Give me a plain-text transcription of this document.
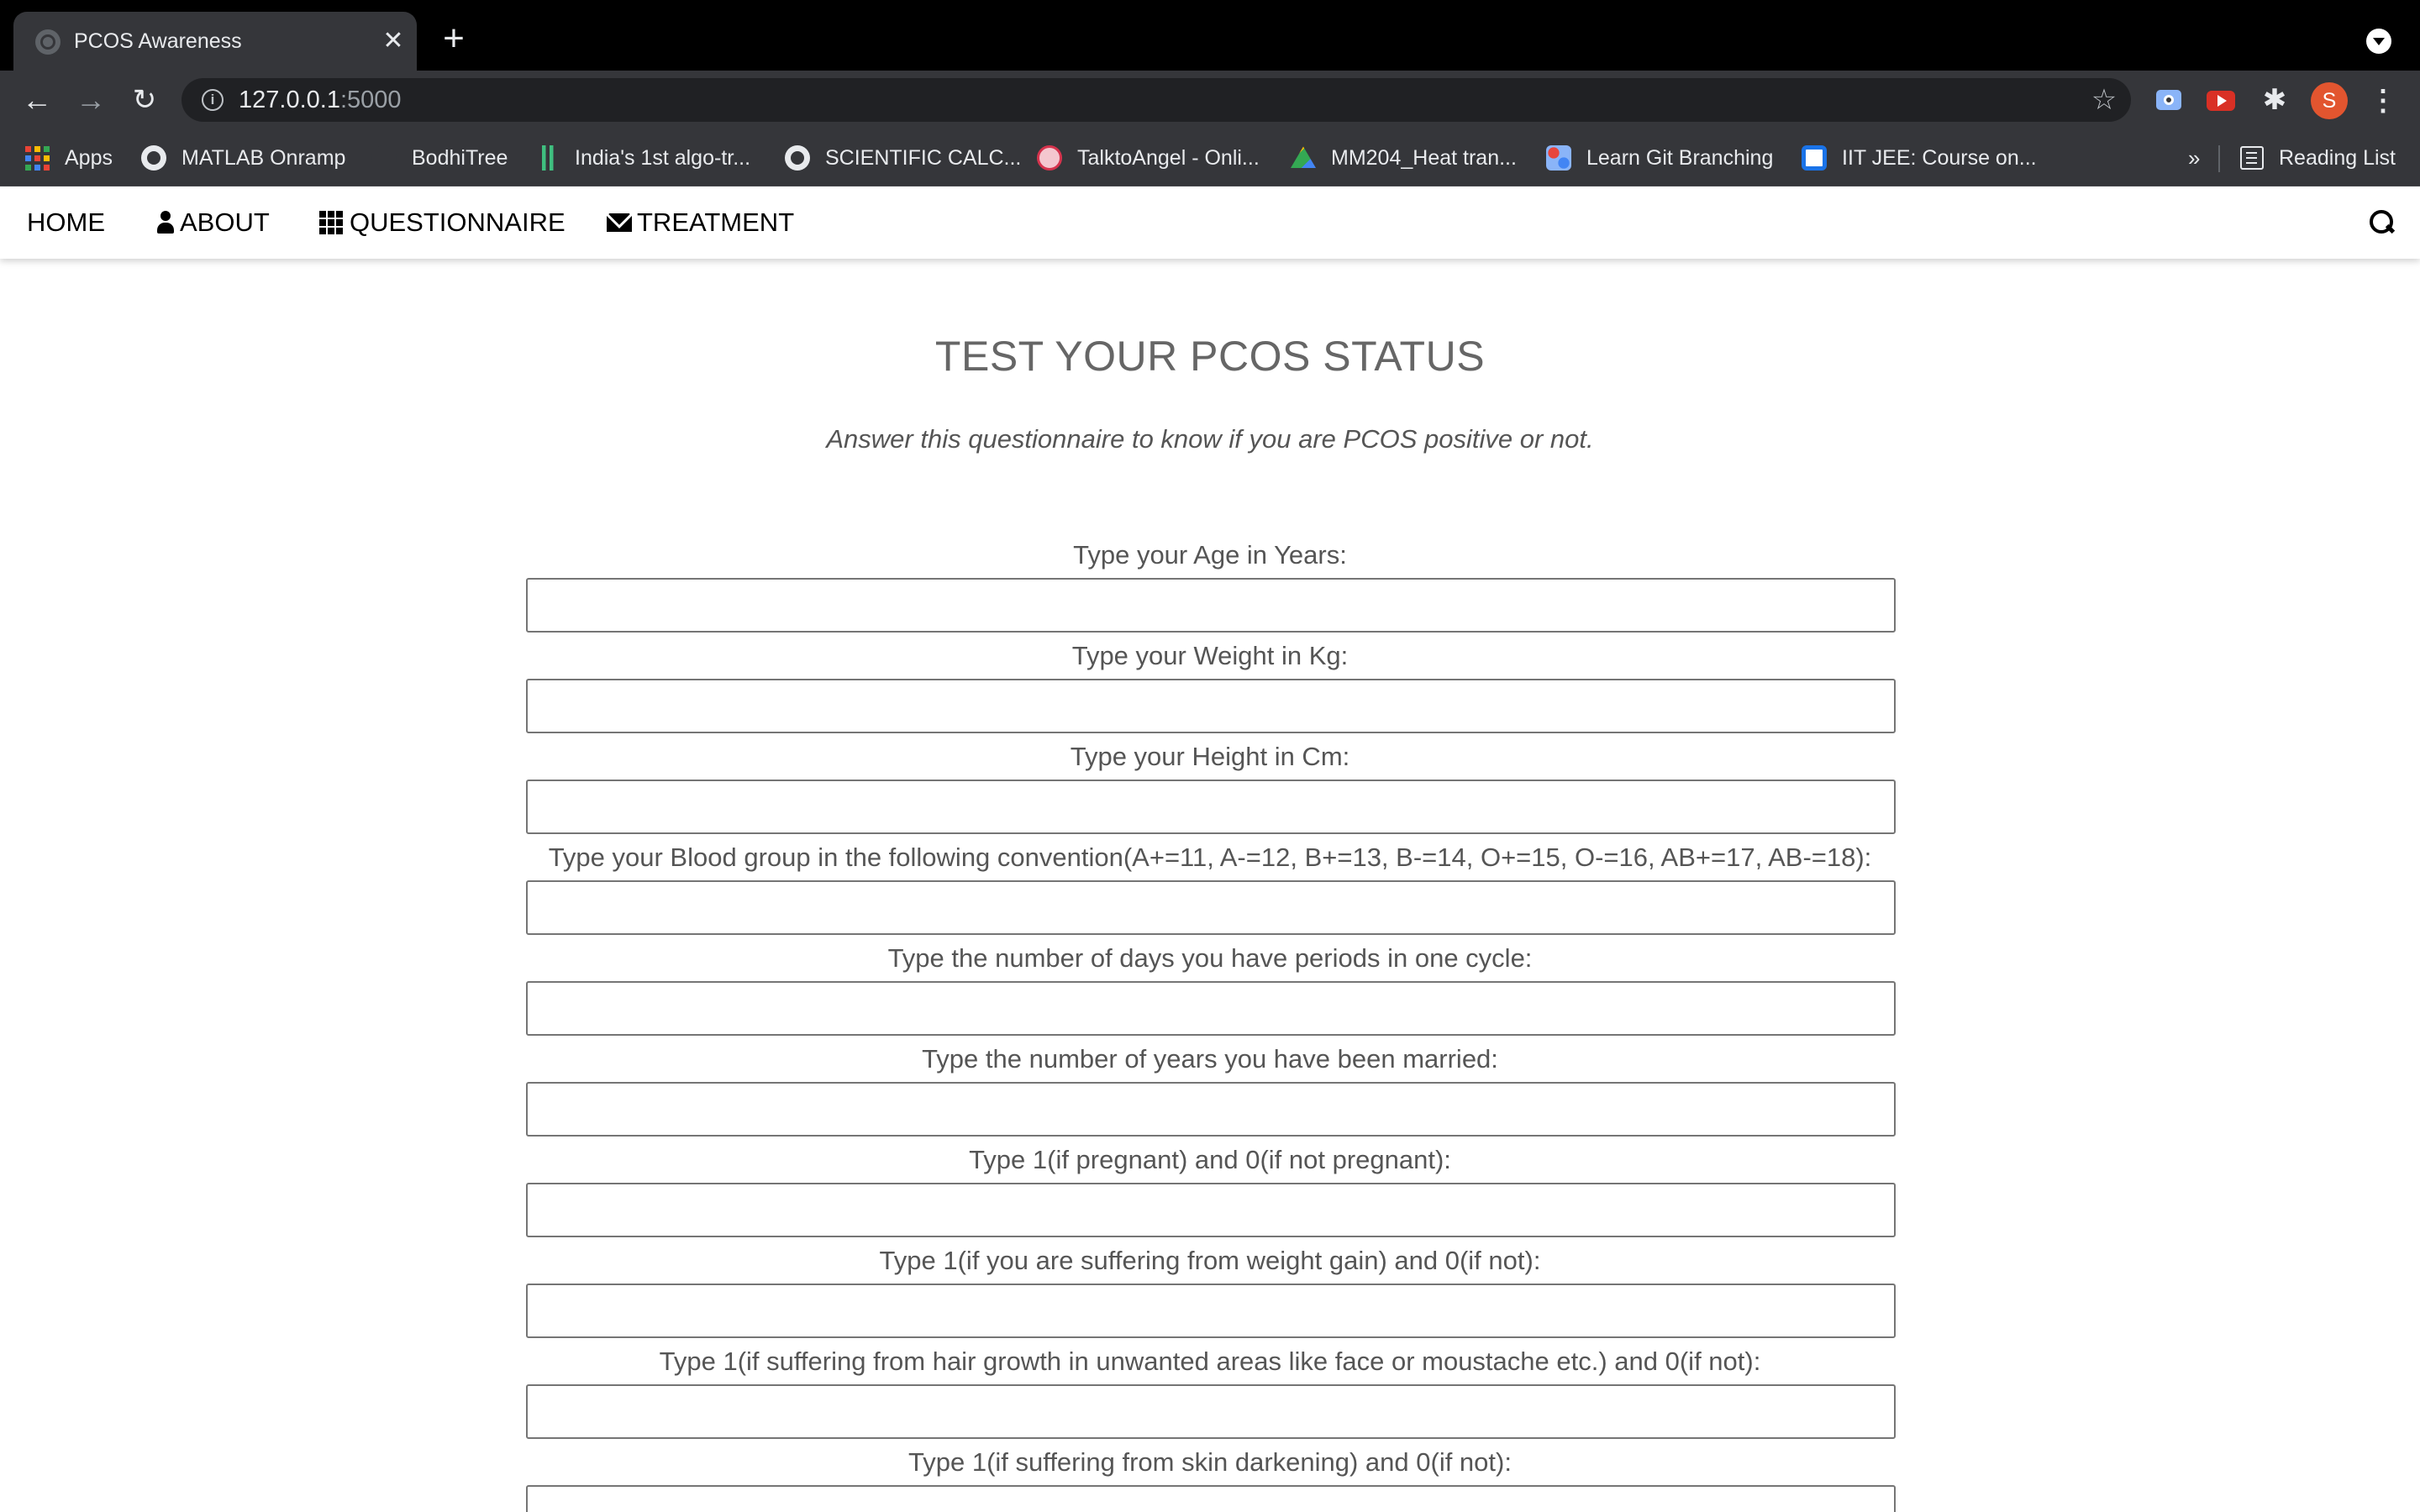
PCOS Awareness	✕ +
← → ↻	i 127.0.0.1:5000	☆	✱	S	⋮
Apps	MATLAB Onramp	BodhiTree	India's 1st algo-tr...	SCIENTIFIC CALC...	TalktoAngel - Onli...	MM204_Heat tran...	Learn Git Branching	IIT JEE: Course on...	»	Reading List
HOME	ABOUT	QUESTIONNAIRE	TREATMENT
TEST YOUR PCOS STATUS
Answer this questionnaire to know if you are PCOS positive or not.
Type your Age in Years:
Type your Weight in Kg:
Type your Height in Cm:
Type your Blood group in the following convention(A+=11, A-=12, B+=13, B-=14, O+=15, O-=16, AB+=17, AB-=18):
Type the number of days you have periods in one cycle:
Type the number of years you have been married:
Type 1(if pregnant) and 0(if not pregnant):
Type 1(if you are suffering from weight gain) and 0(if not):
Type 1(if suffering from hair growth in unwanted areas like face or moustache etc.) and 0(if not):
Type 1(if suffering from skin darkening) and 0(if not):
